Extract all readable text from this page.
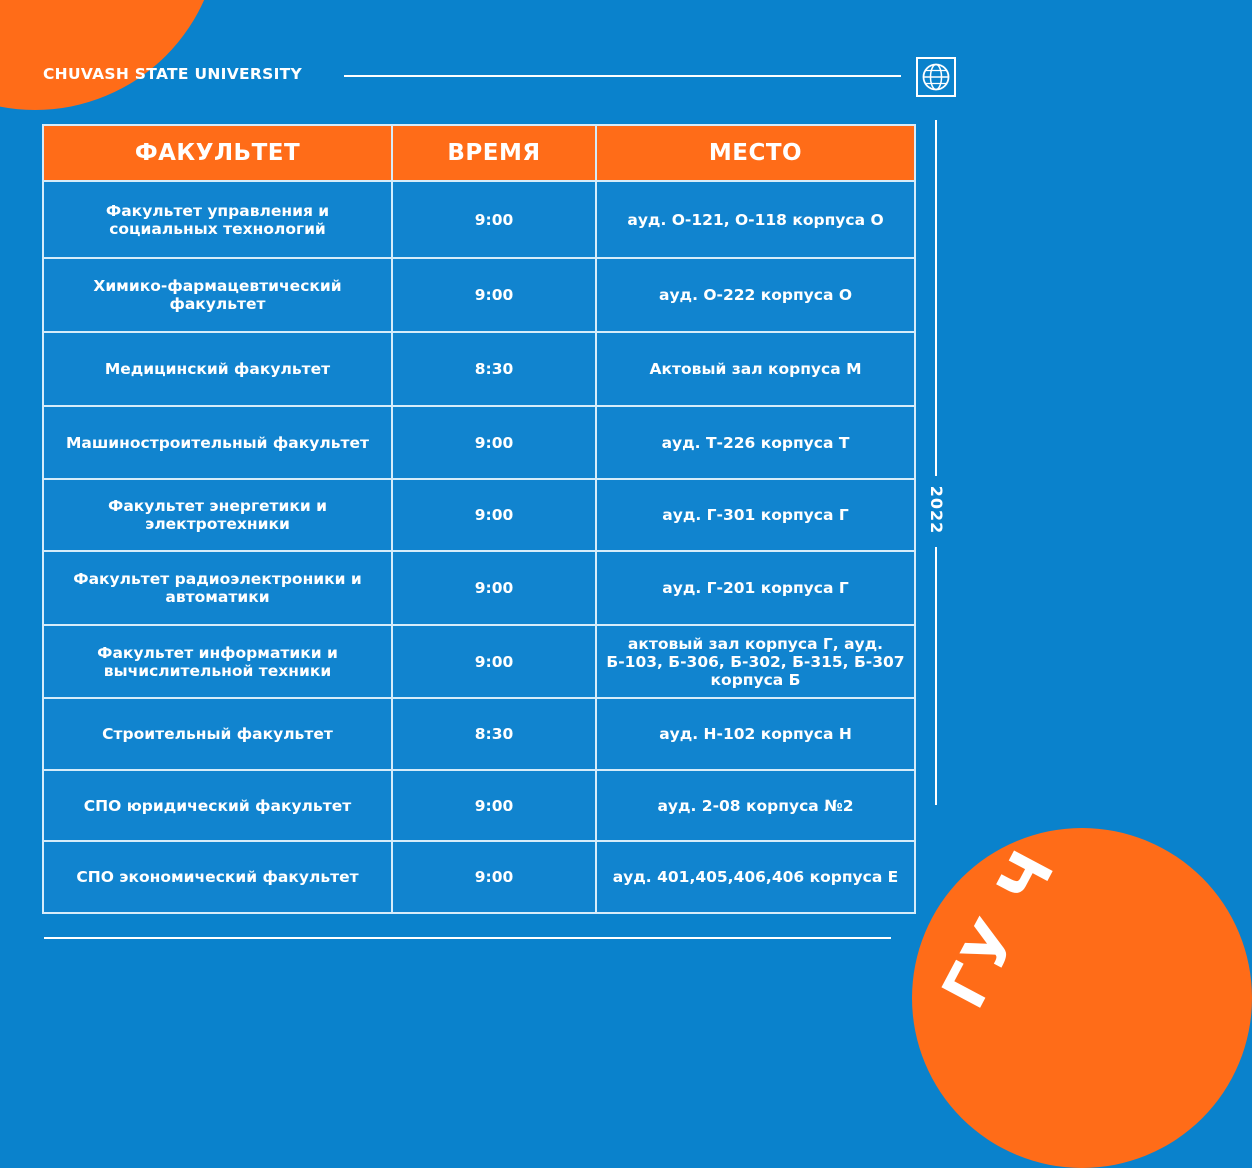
ГУ Ч
CHUVASH STATE UNIVERSITY
2022
ФАКУЛЬТЕТ	ВРЕМЯ	МЕСТО
Факультет управления и социальных технологий	9:00	ауд. О-121, О-118 корпуса О
Химико-фармацевтический факультет	9:00	ауд. О-222 корпуса О
Медицинский факультет	8:30	Актовый зал корпуса М
Машиностроительный факультет	9:00	ауд. Т-226 корпуса Т
Факультет энергетики и электротехники	9:00	ауд. Г-301 корпуса Г
Факультет радиоэлектроники и автоматики	9:00	ауд. Г-201 корпуса Г
Факультет информатики и вычислительной техники	9:00	актовый зал корпуса Г, ауд. Б-103, Б-306, Б-302, Б-315, Б-307 корпуса Б
Строительный факультет	8:30	ауд. Н-102 корпуса Н
СПО юридический факультет	9:00	ауд. 2-08 корпуса №2
СПО экономический факультет	9:00	ауд. 401,405,406,406 корпуса Е
